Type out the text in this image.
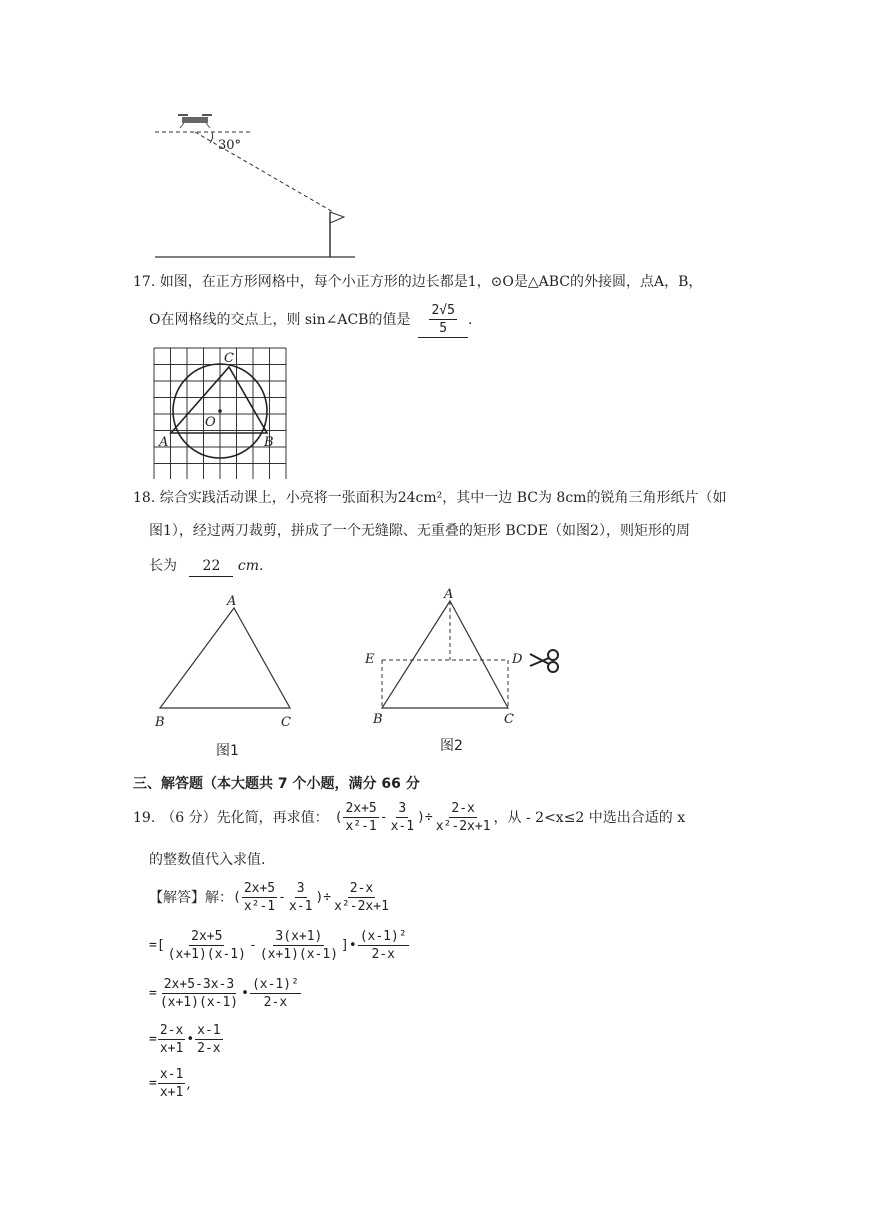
30°
17. 如图，在正方形网格中，每个小正方形的边长都是1，⊙O是△ABC的外接圆，点A，B，
O在网格线的交点上，则 sin∠ACB的值是 $\frac{2√5}{5}$ .
C
O
A	B
18. 综合实践活动课上，小亮将一张面积为24cm²，其中一边 BC为 8cm的锐角三角形纸片（如
图1），经过两刀裁剪，拼成了一个无缝隙、无重叠的矩形 BCDE（如图2），则矩形的周
长为 22 cm.
A
B	C
图1
A
E	D
B	C
图2
三、解答题（本大题共 7 个小题，满分 66 分
19. （6 分）先化简，再求值： ( $\frac{2x+5}{\text{x²-1}} - \frac{3}{x-1}$ )÷ $\frac{2-x}{\text{x²-2x+1}}$ ，从 - 2<x≤2 中选出合适的 x
的整数值代入求值.
【解答】解： ( $\frac{2x+5}{\text{x²-1}} - \frac{3}{x-1}$ )÷ $\frac{2-x}{\text{x²-2x+1}}$
=[ $\frac{2x+5}{(x+1)(x-1)} - \frac{3(x+1)}{(x+1)(x-1)}$ ]• $\frac{\text{(x-1)²}}{2-x}$
= $\frac{2x+5-3x-3}{(x+1)(x-1)}$ • $\frac{\text{(x-1)²}}{2-x}$
= $\frac{2-x}{x+1}$ • $\frac{x-1}{2-x}$
= $\frac{x-1}{x+1}$ ,
